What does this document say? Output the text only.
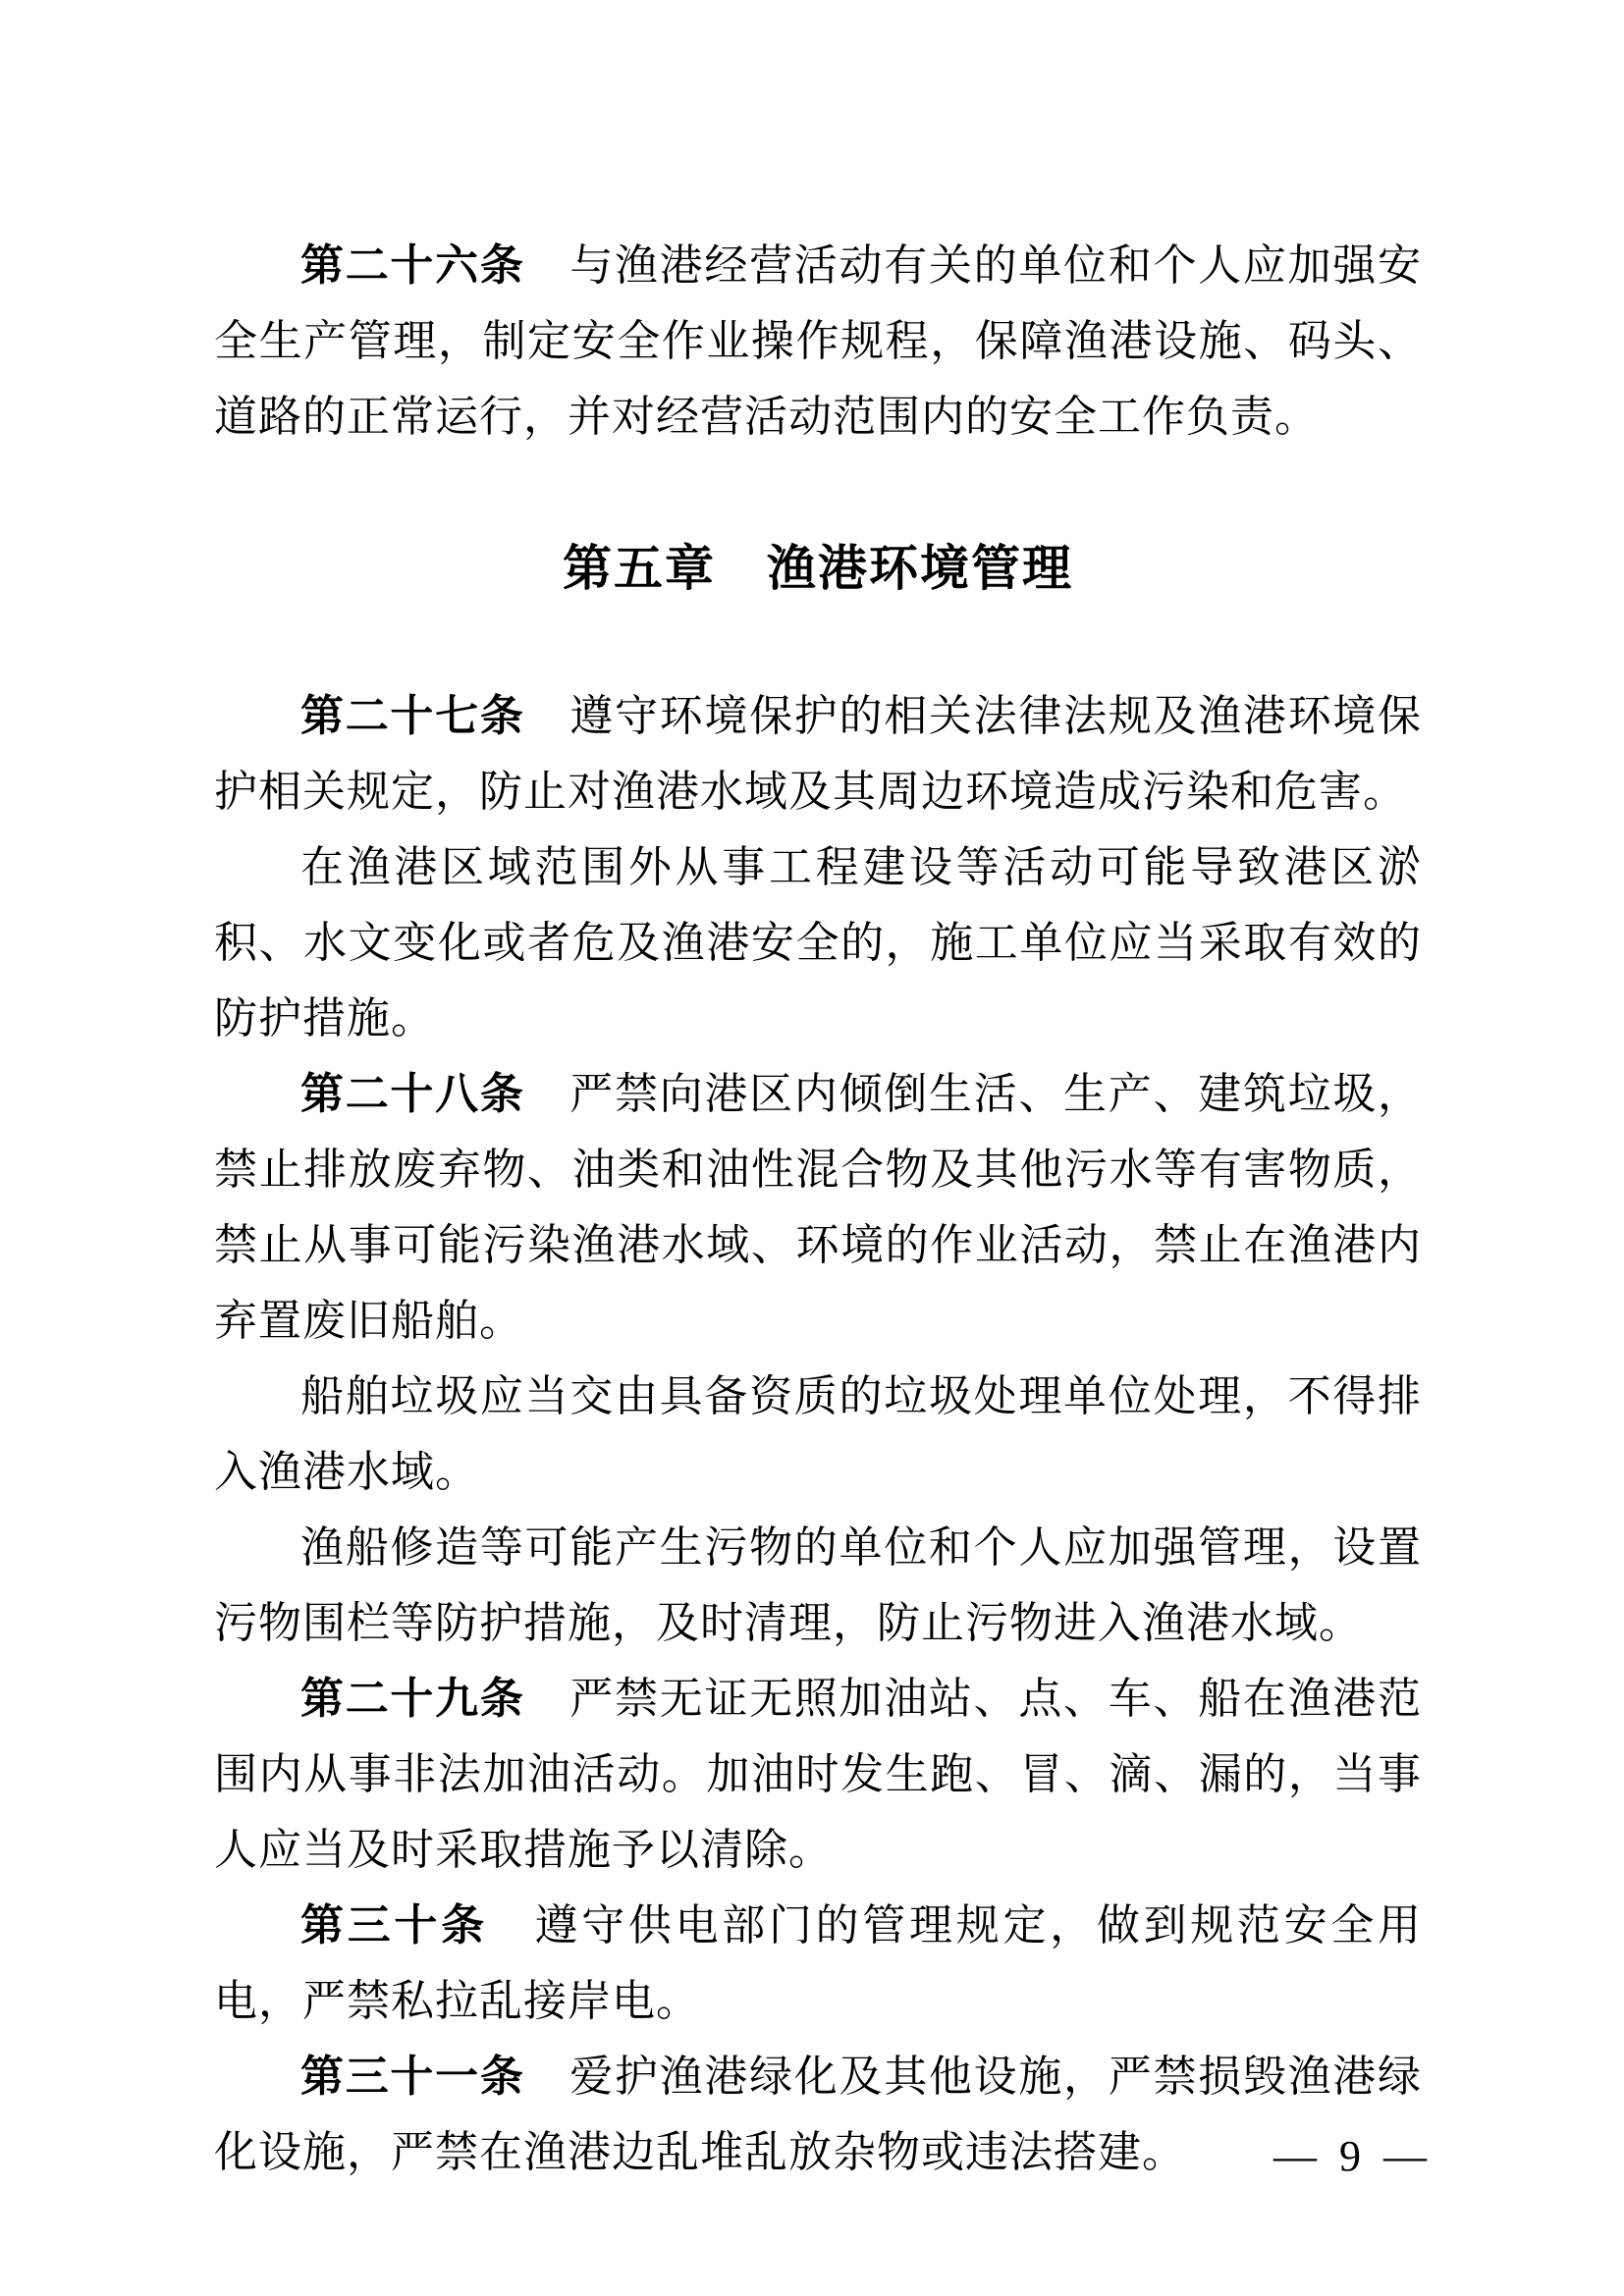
第二十六条　与渔港经营活动有关的单位和个人应加强安全生产管理，制定安全作业操作规程，保障渔港设施、码头、道路的正常运行，并对经营活动范围内的安全工作负责。

第五章　渔港环境管理

第二十七条　遵守环境保护的相关法律法规及渔港环境保护相关规定，防止对渔港水域及其周边环境造成污染和危害。

在渔港区域范围外从事工程建设等活动可能导致港区淤积、水文变化或者危及渔港安全的，施工单位应当采取有效的防护措施。

第二十八条　严禁向港区内倾倒生活、生产、建筑垃圾，禁止排放废弃物、油类和油性混合物及其他污水等有害物质，禁止从事可能污染渔港水域、环境的作业活动，禁止在渔港内弃置废旧船舶。

船舶垃圾应当交由具备资质的垃圾处理单位处理，不得排入渔港水域。

渔船修造等可能产生污物的单位和个人应加强管理，设置污物围栏等防护措施，及时清理，防止污物进入渔港水域。

第二十九条　严禁无证无照加油站、点、车、船在渔港范围内从事非法加油活动。加油时发生跑、冒、滴、漏的，当事人应当及时采取措施予以清除。

第三十条　遵守供电部门的管理规定，做到规范安全用电，严禁私拉乱接岸电。

第三十一条　爱护渔港绿化及其他设施，严禁损毁渔港绿化设施，严禁在渔港边乱堆乱放杂物或违法搭建。	— 9 —
